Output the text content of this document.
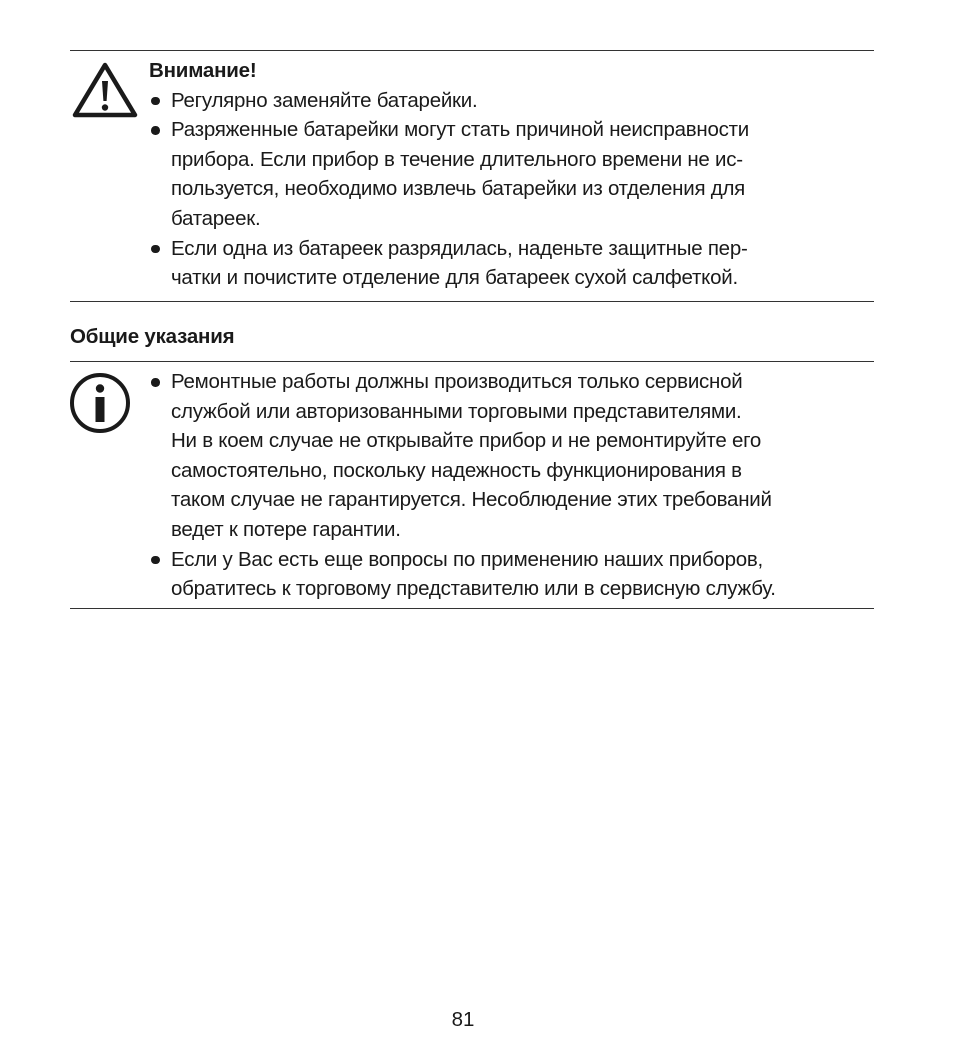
Внимание!
Регулярно заменяйте батарейки.
Разряженные батарейки могут стать причиной неисправности
прибора. Если прибор в течение длительного времени не ис-
пользуется, необходимо извлечь батарейки из отделения для
батареек.
Если одна из батареек разрядилась, наденьте защитные пер-
чатки и почистите отделение для батареек сухой салфеткой.
Общие указания
Ремонтные работы должны производиться только сервисной
службой или авторизованными торговыми представителями.
Ни в коем случае не открывайте прибор и не ремонтируйте его
самостоятельно, поскольку надежность функционирования в
таком случае не гарантируется. Несоблюдение этих требований
ведет к потере гарантии.
Если у Вас есть еще вопросы по применению наших приборов,
обратитесь к торговому представителю или в сервисную службу.
81
